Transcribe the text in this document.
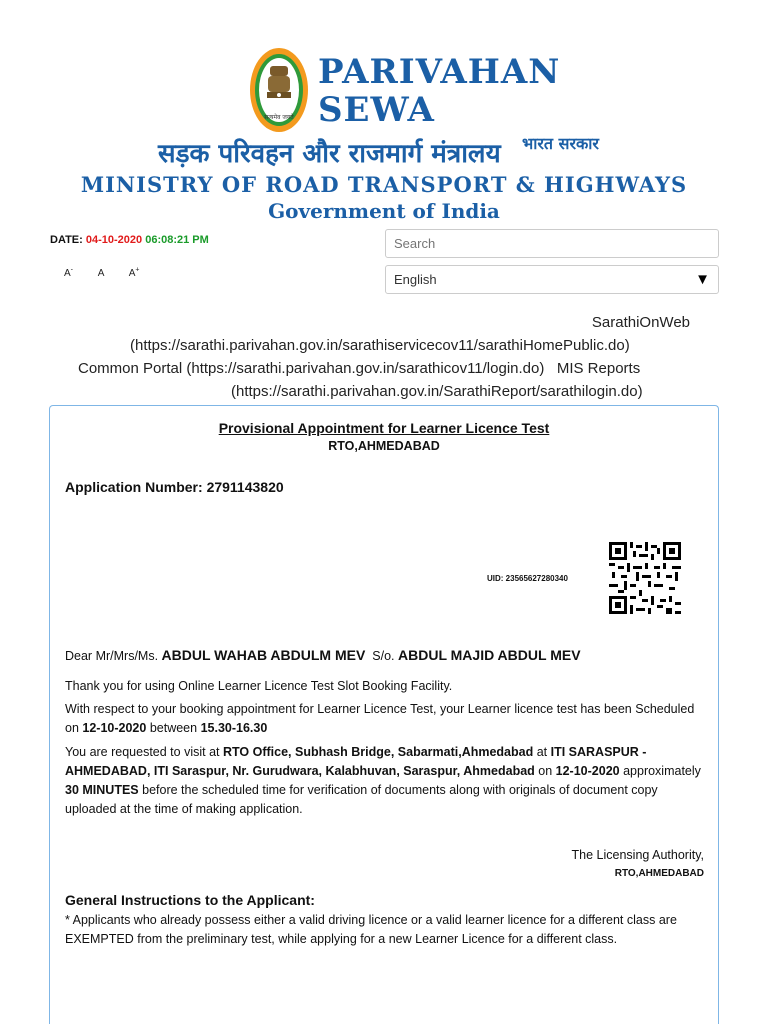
सत्यमेव जयते
PARIVAHAN
SEWA
सड़क परिवहन और राजमार्ग मंत्रालय भारत सरकार
MINISTRY OF ROAD TRANSPORT & HIGHWAYS
Government of India
DATE: 04-10-2020 06:08:21 PM
A- A A+
Search
English	▼
SarathiOnWeb
(https://sarathi.parivahan.gov.in/sarathiservicecov11/sarathiHomePublic.do)
Common Portal (https://sarathi.parivahan.gov.in/sarathicov11/login.do)   MIS Reports
(https://sarathi.parivahan.gov.in/SarathiReport/sarathilogin.do)
Provisional Appointment for Learner Licence Test
RTO,AHMEDABAD
Application Number: 2791143820
UID: 23565627280340
Dear Mr/Mrs/Ms. ABDUL WAHAB ABDULM MEV S/o. ABDUL MAJID ABDUL MEV
Thank you for using Online Learner Licence Test Slot Booking Facility.

With respect to your booking appointment for Learner Licence Test, your Learner licence test has been Scheduled on 12-10-2020 between 15.30-16.30

You are requested to visit at RTO Office, Subhash Bridge, Sabarmati,Ahmedabad at ITI SARASPUR - AHMEDABAD, ITI Saraspur, Nr. Gurudwara, Kalabhuvan, Saraspur, Ahmedabad on 12-10-2020 approximately 30 MINUTES before the scheduled time for verification of documents along with originals of document copy uploaded at the time of making application.

The Licensing Authority,
RTO,AHMEDABAD
General Instructions to the Applicant:
* Applicants who already possess either a valid driving licence or a valid learner licence for a different class are EXEMPTED from the preliminary test, while applying for a new Learner Licence for a different class.
